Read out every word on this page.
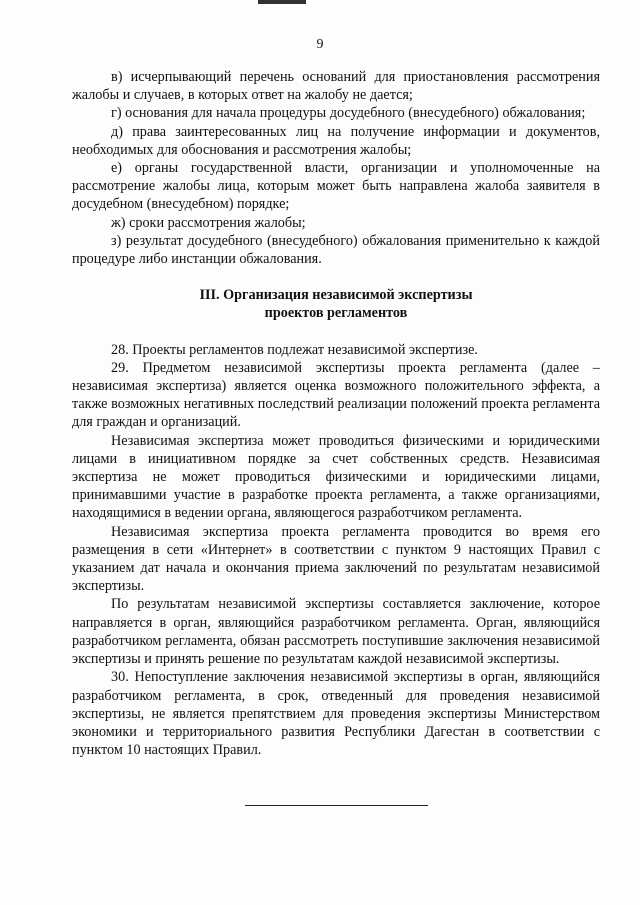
9

в) исчерпывающий перечень оснований для приостановления рассмотрения жалобы и случаев, в которых ответ на жалобу не дается;

г) основания для начала процедуры досудебного (внесудебного) обжалования;

д) права заинтересованных лиц на получение информации и документов, необходимых для обоснования и рассмотрения жалобы;

е) органы государственной власти, организации и уполномоченные на рассмотрение жалобы лица, которым может быть направлена жалоба заявителя в досудебном (внесудебном) порядке;

ж) сроки рассмотрения жалобы;

з) результат досудебного (внесудебного) обжалования применительно к каждой процедуре либо инстанции обжалования.

III. Организация независимой экспертизы

проектов регламентов

28. Проекты регламентов подлежат независимой экспертизе.

29. Предметом независимой экспертизы проекта регламента (далее – независимая экспертиза) является оценка возможного положительного эффекта, а также возможных негативных последствий реализации положений проекта регламента для граждан и организаций.

Независимая экспертиза может проводиться физическими и юридическими лицами в инициативном порядке за счет собственных средств. Независимая экспертиза не может проводиться физическими и юридическими лицами, принимавшими участие в разработке проекта регламента, а также организациями, находящимися в ведении органа, являющегося разработчиком регламента.

Независимая экспертиза проекта регламента проводится во время его размещения в сети «Интернет» в соответствии с пунктом 9 настоящих Правил с указанием дат начала и окончания приема заключений по результатам независимой экспертизы.

По результатам независимой экспертизы составляется заключение, которое направляется в орган, являющийся разработчиком регламента. Орган, являющийся разработчиком регламента, обязан рассмотреть поступившие заключения независимой экспертизы и принять решение по результатам каждой независимой экспертизы.

30. Непоступление заключения независимой экспертизы в орган, являющийся разработчиком регламента, в срок, отведенный для проведения независимой экспертизы, не является препятствием для проведения экспертизы Министерством экономики и территориального развития Республики Дагестан в соответствии с пунктом 10 настоящих Правил.
